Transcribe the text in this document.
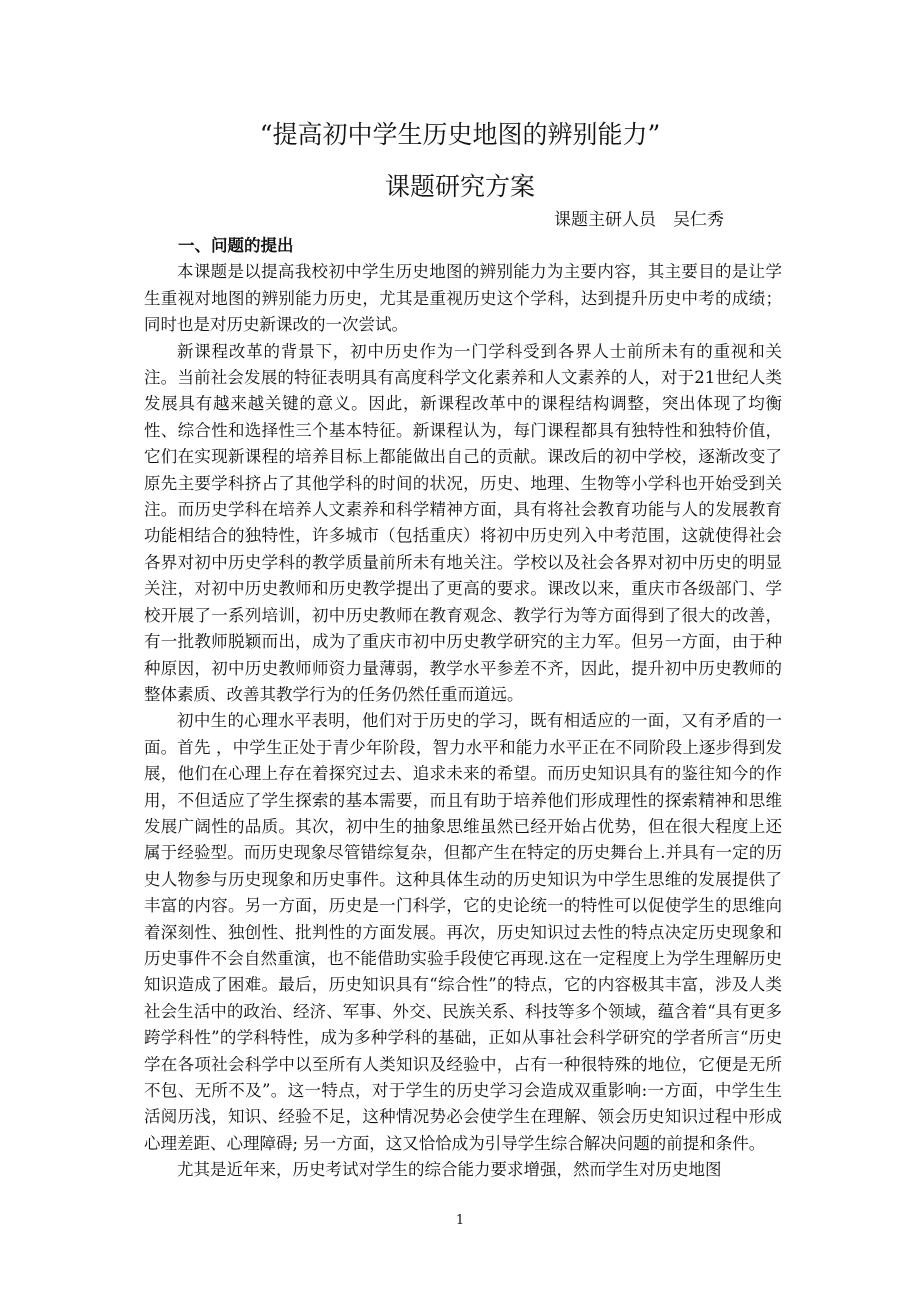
“提高初中学生历史地图的辨别能力”
课题研究方案
课题主研人员　吴仁秀

一、问题的提出

本课题是以提高我校初中学生历史地图的辨别能力为主要内容，其主要目的是让学生重视对地图的辨别能力历史，尤其是重视历史这个学科，达到提升历史中考的成绩；同时也是对历史新课改的一次尝试。

新课程改革的背景下，初中历史作为一门学科受到各界人士前所未有的重视和关注。当前社会发展的特征表明具有高度科学文化素养和人文素养的人，对于21世纪人类发展具有越来越关键的意义。因此，新课程改革中的课程结构调整，突出体现了均衡性、综合性和选择性三个基本特征。新课程认为，每门课程都具有独特性和独特价值，它们在实现新课程的培养目标上都能做出自己的贡献。课改后的初中学校，逐渐改变了原先主要学科挤占了其他学科的时间的状况，历史、地理、生物等小学科也开始受到关注。而历史学科在培养人文素养和科学精神方面，具有将社会教育功能与人的发展教育功能相结合的独特性，许多城市（包括重庆）将初中历史列入中考范围，这就使得社会各界对初中历史学科的教学质量前所未有地关注。学校以及社会各界对初中历史的明显关注，对初中历史教师和历史教学提出了更高的要求。课改以来，重庆市各级部门、学校开展了一系列培训，初中历史教师在教育观念、教学行为等方面得到了很大的改善，有一批教师脱颖而出，成为了重庆市初中历史教学研究的主力军。但另一方面，由于种种原因，初中历史教师师资力量薄弱，教学水平参差不齐，因此，提升初中历史教师的整体素质、改善其教学行为的任务仍然任重而道远。

初中生的心理水平表明，他们对于历史的学习，既有相适应的一面，又有矛盾的一面。首先 ，中学生正处于青少年阶段，智力水平和能力水平正在不同阶段上逐步得到发展，他们在心理上存在着探究过去、追求未来的希望。而历史知识具有的鉴往知今的作用，不但适应了学生探索的基本需要，而且有助于培养他们形成理性的探索精神和思维发展广阔性的品质。其次，初中生的抽象思维虽然已经开始占优势，但在很大程度上还属于经验型。而历史现象尽管错综复杂，但都产生在特定的历史舞台上.并具有一定的历史人物参与历史现象和历史事件。这种具体生动的历史知识为中学生思维的发展提供了丰富的内容。另一方面，历史是一门科学，它的史论统一的特性可以促使学生的思维向着深刻性、独创性、批判性的方面发展。再次，历史知识过去性的特点决定历史现象和历史事件不会自然重演，也不能借助实验手段使它再现.这在一定程度上为学生理解历史知识造成了困难。最后，历史知识具有“综合性”的特点，它的内容极其丰富，涉及人类社会生活中的政治、经济、军事、外交、民族关系、科技等多个领域，蕴含着“具有更多跨学科性”的学科特性，成为多种学科的基础，正如从事社会科学研究的学者所言“历史学在各项社会科学中以至所有人类知识及经验中，占有一种很特殊的地位，它便是无所不包、无所不及”。这一特点，对于学生的历史学习会造成双重影响:一方面，中学生生活阅历浅，知识、经验不足，这种情况势必会使学生在理解、领会历史知识过程中形成心理差距、心理障碍; 另一方面，这又恰恰成为引导学生综合解决问题的前提和条件。

尤其是近年来，历史考试对学生的综合能力要求增强，然而学生对历史地图

1
